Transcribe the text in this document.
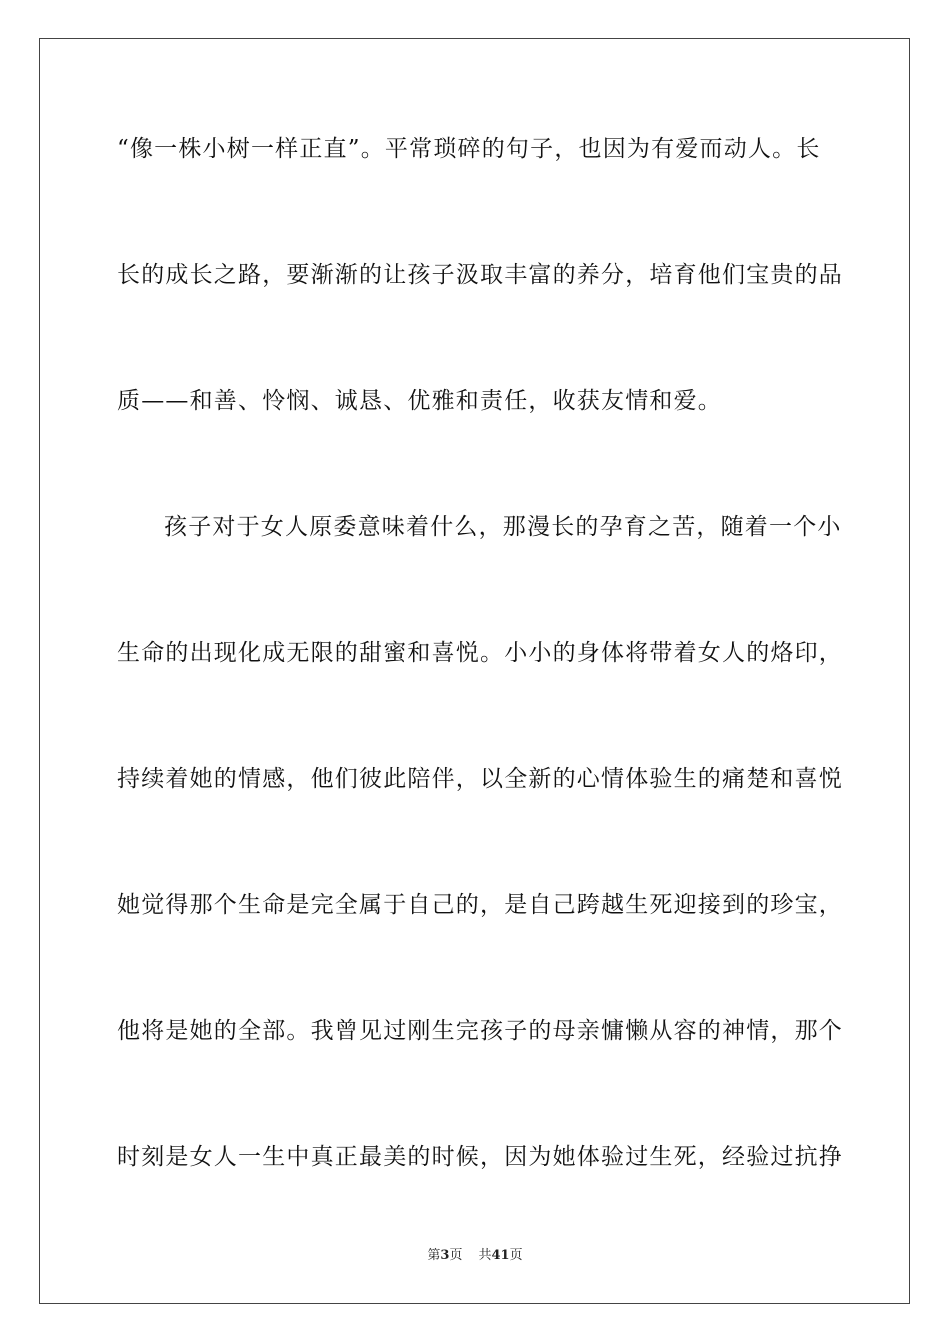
“像一株小树一样正直”。平常琐碎的句子，也因为有爱而动人。长
长的成长之路，要渐渐的让孩子汲取丰富的养分，培育他们宝贵的品
质——和善、怜悯、诚恳、优雅和责任，收获友情和爱。
孩子对于女人原委意味着什么，那漫长的孕育之苦，随着一个小
生命的出现化成无限的甜蜜和喜悦。小小的身体将带着女人的烙印，
持续着她的情感，他们彼此陪伴，以全新的心情体验生的痛楚和喜悦
她觉得那个生命是完全属于自己的，是自己跨越生死迎接到的珍宝，
他将是她的全部。我曾见过刚生完孩子的母亲慵懒从容的神情，那个
时刻是女人一生中真正最美的时候，因为她体验过生死，经验过抗挣
第3页 共41页
